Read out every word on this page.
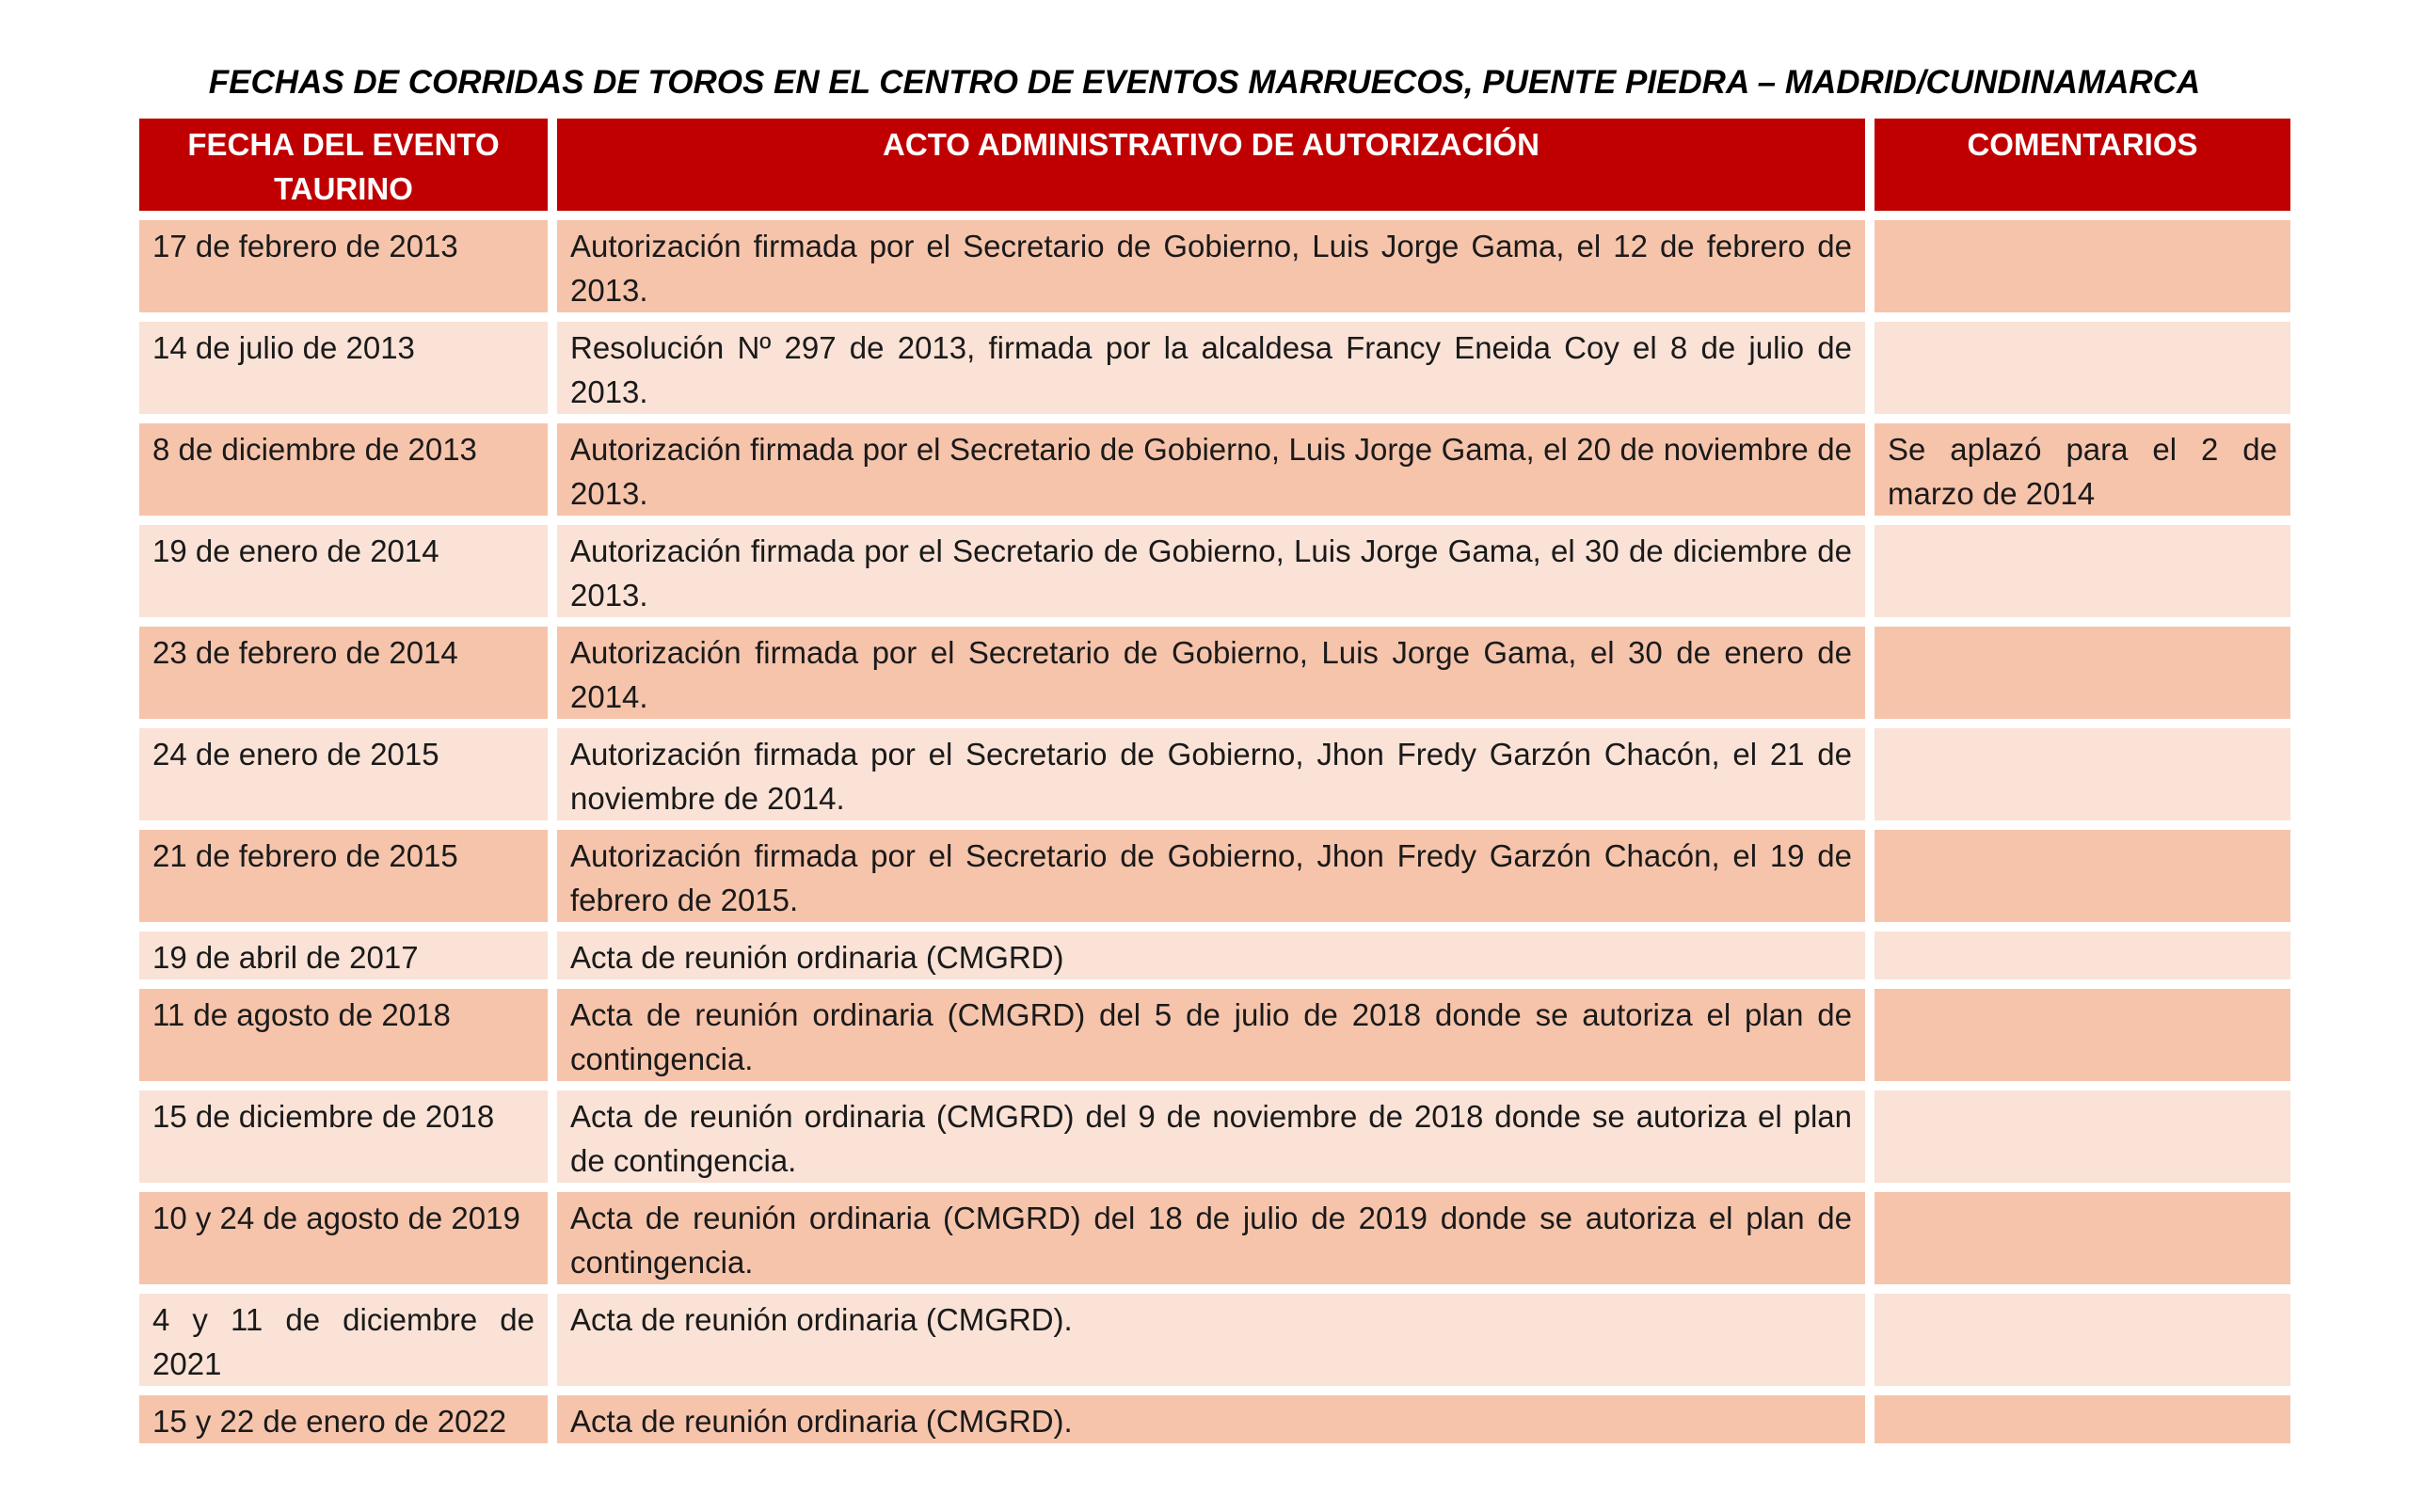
FECHAS DE CORRIDAS DE TOROS EN EL CENTRO DE EVENTOS MARRUECOS, PUENTE PIEDRA – MADRID/CUNDINAMARCA
FECHA DEL EVENTO TAURINO	ACTO ADMINISTRATIVO DE AUTORIZACIÓN	COMENTARIOS
17 de febrero de 2013	Autorización firmada por el Secretario de Gobierno, Luis Jorge Gama, el 12 de febrero de 2013.	
14 de julio de 2013	Resolución Nº 297 de 2013, firmada por la alcaldesa Francy Eneida Coy el 8 de julio de 2013.	
8 de diciembre de 2013	Autorización firmada por el Secretario de Gobierno, Luis Jorge Gama, el 20 de noviembre de 2013.	Se aplazó para el 2 de marzo de 2014
19 de enero de 2014	Autorización firmada por el Secretario de Gobierno, Luis Jorge Gama, el 30 de diciembre de 2013.	
23 de febrero de 2014	Autorización firmada por el Secretario de Gobierno, Luis Jorge Gama, el 30 de enero de 2014.	
24 de enero de 2015	Autorización firmada por el Secretario de Gobierno, Jhon Fredy Garzón Chacón, el 21 de noviembre de 2014.	
21 de febrero de 2015	Autorización firmada por el Secretario de Gobierno, Jhon Fredy Garzón Chacón, el 19 de febrero de 2015.	
19 de abril de 2017	Acta de reunión ordinaria (CMGRD)	
11 de agosto de 2018	Acta de reunión ordinaria (CMGRD) del 5 de julio de 2018 donde se autoriza el plan de contingencia.	
15 de diciembre de 2018	Acta de reunión ordinaria (CMGRD) del 9 de noviembre de 2018 donde se autoriza el plan de contingencia.	
10 y 24 de agosto de 2019	Acta de reunión ordinaria (CMGRD) del 18 de julio de 2019 donde se autoriza el plan de contingencia.	
4 y 11 de diciembre de 2021	Acta de reunión ordinaria (CMGRD).	
15 y 22 de enero de 2022	Acta de reunión ordinaria (CMGRD).	
